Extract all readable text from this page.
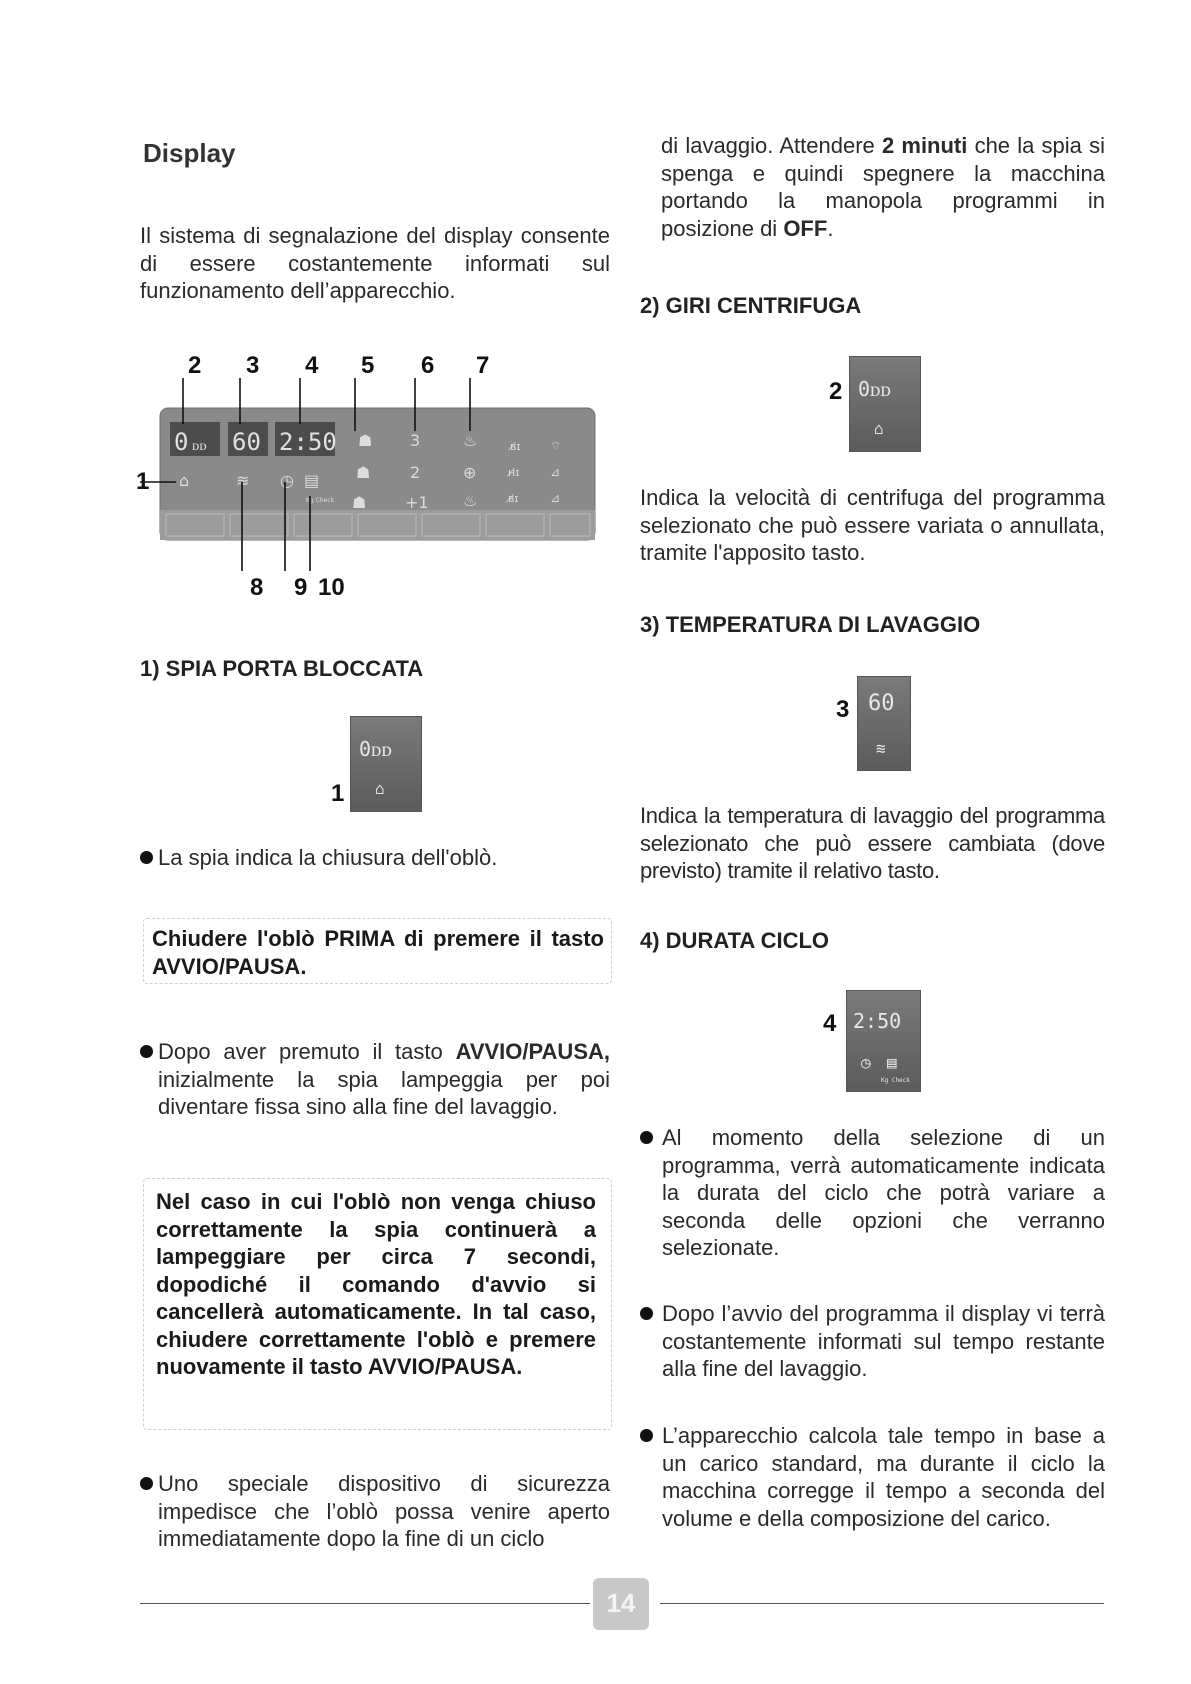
Display
Il sistema di segnalazione del display consente di essere costantemente informati sul funzionamento dell’apparecchio.
0 ᴅᴅ 60 2:50 ☗
☗
☗
3
2
+1
♨
⊕
♨
⌂	≋ ◷ ▤
ʙ̸ɪ ⌔
ʜ̸ɪ	⊿
ʙ̸ɪ	⊿
Kg Check
2 3 4 5 6 7
1
8 9 10
1) SPIA PORTA BLOCCATA
1
0ᴅᴅ
⌂
La spia indica la chiusura dell'oblò.
Chiudere l'oblò PRIMA di premere il tasto AVVIO/PAUSA.
Dopo aver premuto il tasto AVVIO/PAUSA, inizialmente la spia lampeggia per poi diventare fissa sino alla fine del lavaggio.
Nel caso in cui l'oblò non venga chiuso correttamente la spia continuerà a lampeggiare per circa 7 secondi, dopodiché il comando d'avvio si cancellerà automaticamente. In tal caso, chiudere correttamente l'oblò e premere nuovamente il tasto AVVIO/PAUSA.
Uno speciale dispositivo di sicurezza impedisce che l’oblò possa venire aperto immediatamente dopo la fine di un ciclo
di lavaggio. Attendere 2 minuti che la spia si spenga e quindi spegnere la macchina portando la manopola programmi in posizione di OFF.
2) GIRI CENTRIFUGA
2 0ᴅᴅ
⌂
Indica la velocità di centrifuga del programma selezionato che può essere variata o annullata, tramite l'apposito tasto.
3) TEMPERATURA DI LAVAGGIO
3 60
≋
Indica la temperatura di lavaggio del programma selezionato che può essere cambiata (dove previsto) tramite il relativo tasto.
4) DURATA CICLO
4 2:50
◷ ▤
Kg Check
Al momento della selezione di un programma, verrà automaticamente indicata la durata del ciclo che potrà variare a seconda delle opzioni che verranno selezionate.
Dopo l’avvio del programma il display vi terrà costantemente informati sul tempo restante alla fine del lavaggio.
L’apparecchio calcola tale tempo in base a un carico standard, ma durante il ciclo la macchina corregge il tempo a seconda del volume e della composizione del carico.
14
